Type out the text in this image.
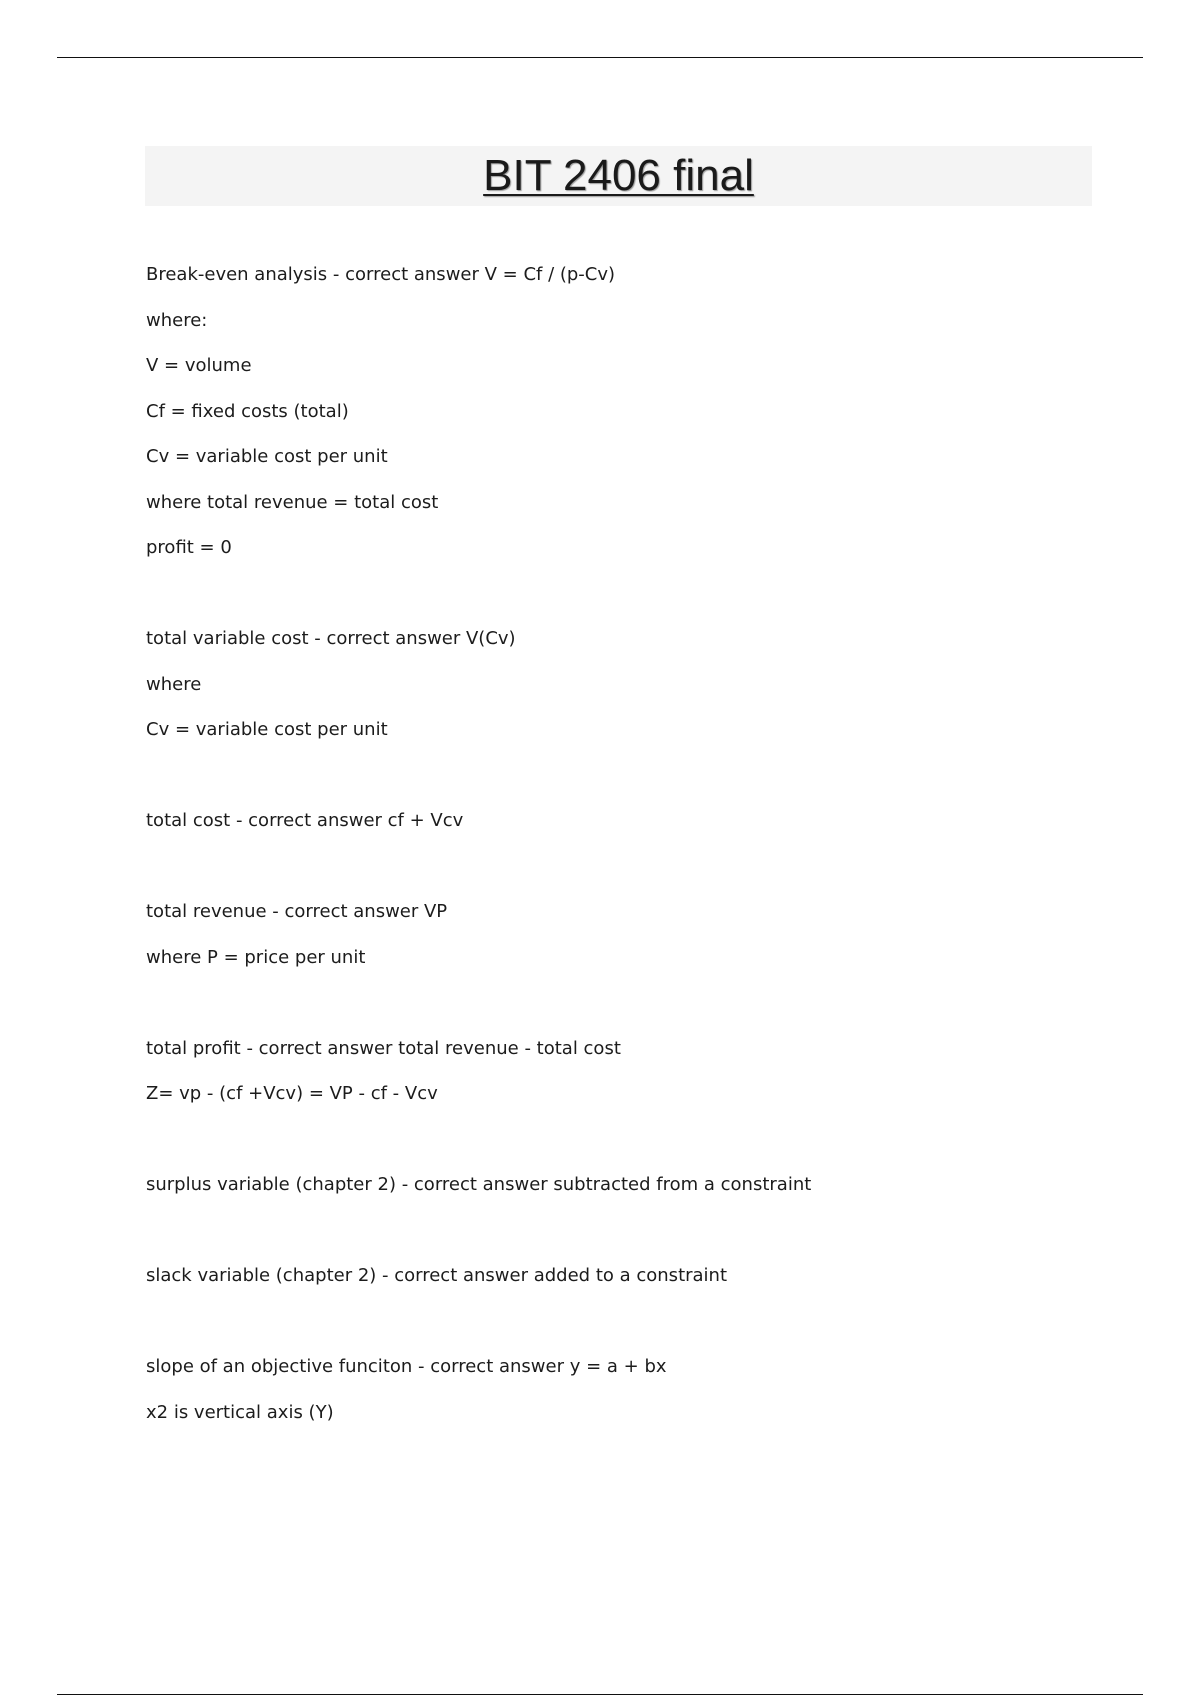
BIT 2406 final
Break-even analysis - correct answer V = Cf / (p-Cv)
where:
V = volume
Cf = fixed costs (total)
Cv = variable cost per unit
where total revenue = total cost
profit = 0
total variable cost - correct answer V(Cv)
where
Cv = variable cost per unit
total cost - correct answer cf + Vcv
total revenue - correct answer VP
where P = price per unit
total profit - correct answer total revenue - total cost
Z= vp - (cf +Vcv) = VP - cf - Vcv
surplus variable (chapter 2) - correct answer subtracted from a constraint
slack variable (chapter 2) - correct answer added to a constraint
slope of an objective funciton - correct answer y = a + bx
x2 is vertical axis (Y)
